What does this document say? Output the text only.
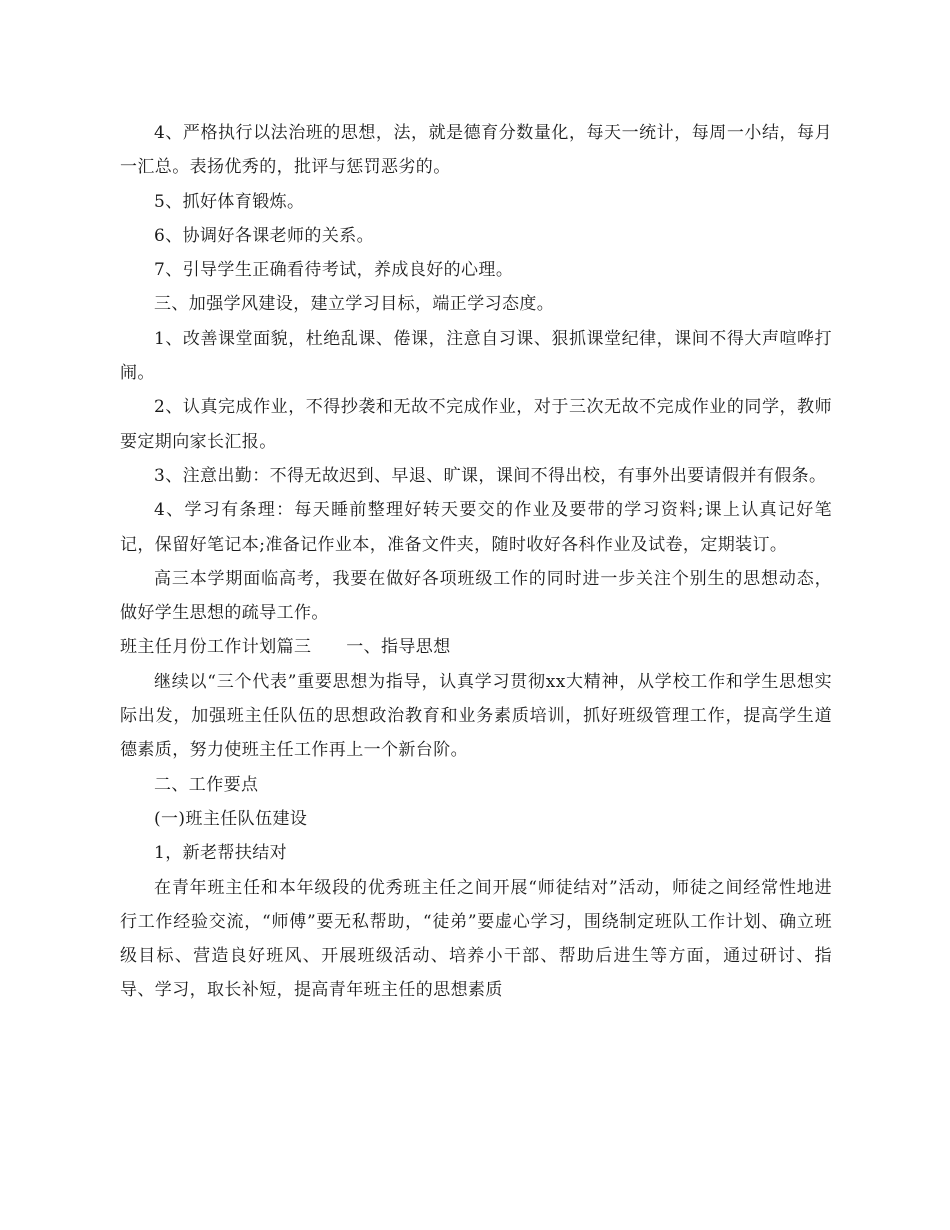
4、严格执行以法治班的思想，法，就是德育分数量化，每天一统计，每周一小结，每月一汇总。表扬优秀的，批评与惩罚恶劣的。

5、抓好体育锻炼。

6、协调好各课老师的关系。

7、引导学生正确看待考试，养成良好的心理。

三、加强学风建设，建立学习目标，端正学习态度。

1、改善课堂面貌，杜绝乱课、倦课，注意自习课、狠抓课堂纪律，课间不得大声喧哗打闹。

2、认真完成作业，不得抄袭和无故不完成作业，对于三次无故不完成作业的同学，教师要定期向家长汇报。

3、注意出勤：不得无故迟到、早退、旷课，课间不得出校，有事外出要请假并有假条。

4、学习有条理：每天睡前整理好转天要交的作业及要带的学习资料;课上认真记好笔记，保留好笔记本;准备记作业本，准备文件夹，随时收好各科作业及试卷，定期装订。

高三本学期面临高考，我要在做好各项班级工作的同时进一步关注个别生的思想动态，做好学生思想的疏导工作。

班主任月份工作计划篇三　　一、指导思想

继续以“三个代表”重要思想为指导，认真学习贯彻xx大精神，从学校工作和学生思想实际出发，加强班主任队伍的思想政治教育和业务素质培训，抓好班级管理工作，提高学生道德素质，努力使班主任工作再上一个新台阶。

二、工作要点

(一)班主任队伍建设

1，新老帮扶结对

在青年班主任和本年级段的优秀班主任之间开展“师徒结对”活动，师徒之间经常性地进行工作经验交流，“师傅”要无私帮助，“徒弟”要虚心学习，围绕制定班队工作计划、确立班级目标、营造良好班风、开展班级活动、培养小干部、帮助后进生等方面，通过研讨、指导、学习，取长补短，提高青年班主任的思想素质
